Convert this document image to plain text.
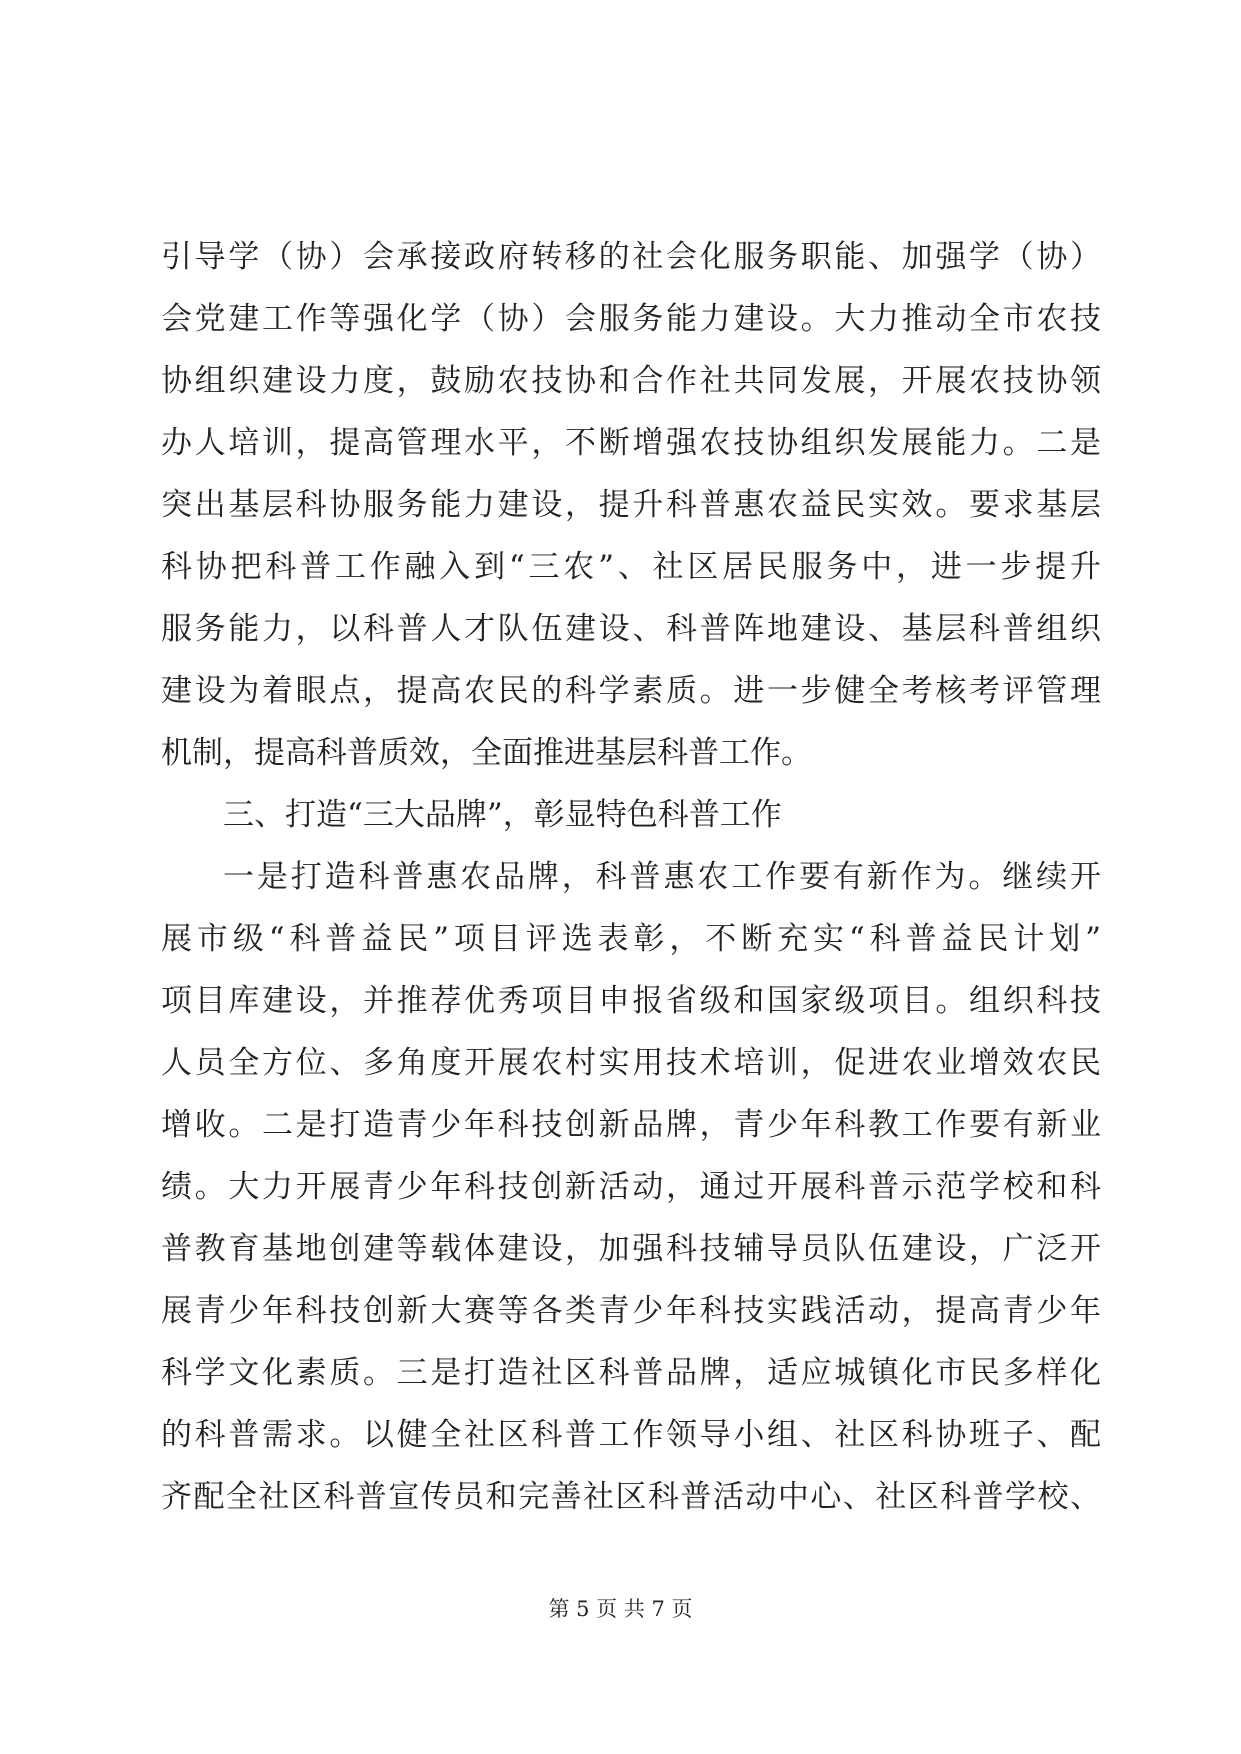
引导学（协）会承接政府转移的社会化服务职能、加强学（协）
会党建工作等强化学（协）会服务能力建设。大力推动全市农技
协组织建设力度，鼓励农技协和合作社共同发展，开展农技协领
办人培训，提高管理水平，不断增强农技协组织发展能力。二是
突出基层科协服务能力建设，提升科普惠农益民实效。要求基层
科协把科普工作融入到“三农”、社区居民服务中，进一步提升
服务能力，以科普人才队伍建设、科普阵地建设、基层科普组织
建设为着眼点，提高农民的科学素质。进一步健全考核考评管理
机制，提高科普质效，全面推进基层科普工作。
三、打造“三大品牌”，彰显特色科普工作
一是打造科普惠农品牌，科普惠农工作要有新作为。继续开
展市级“科普益民”项目评选表彰，不断充实“科普益民计划”
项目库建设，并推荐优秀项目申报省级和国家级项目。组织科技
人员全方位、多角度开展农村实用技术培训，促进农业增效农民
增收。二是打造青少年科技创新品牌，青少年科教工作要有新业
绩。大力开展青少年科技创新活动，通过开展科普示范学校和科
普教育基地创建等载体建设，加强科技辅导员队伍建设，广泛开
展青少年科技创新大赛等各类青少年科技实践活动，提高青少年
科学文化素质。三是打造社区科普品牌，适应城镇化市民多样化
的科普需求。以健全社区科普工作领导小组、社区科协班子、配
齐配全社区科普宣传员和完善社区科普活动中心、社区科普学校、
第 5 页 共 7 页
